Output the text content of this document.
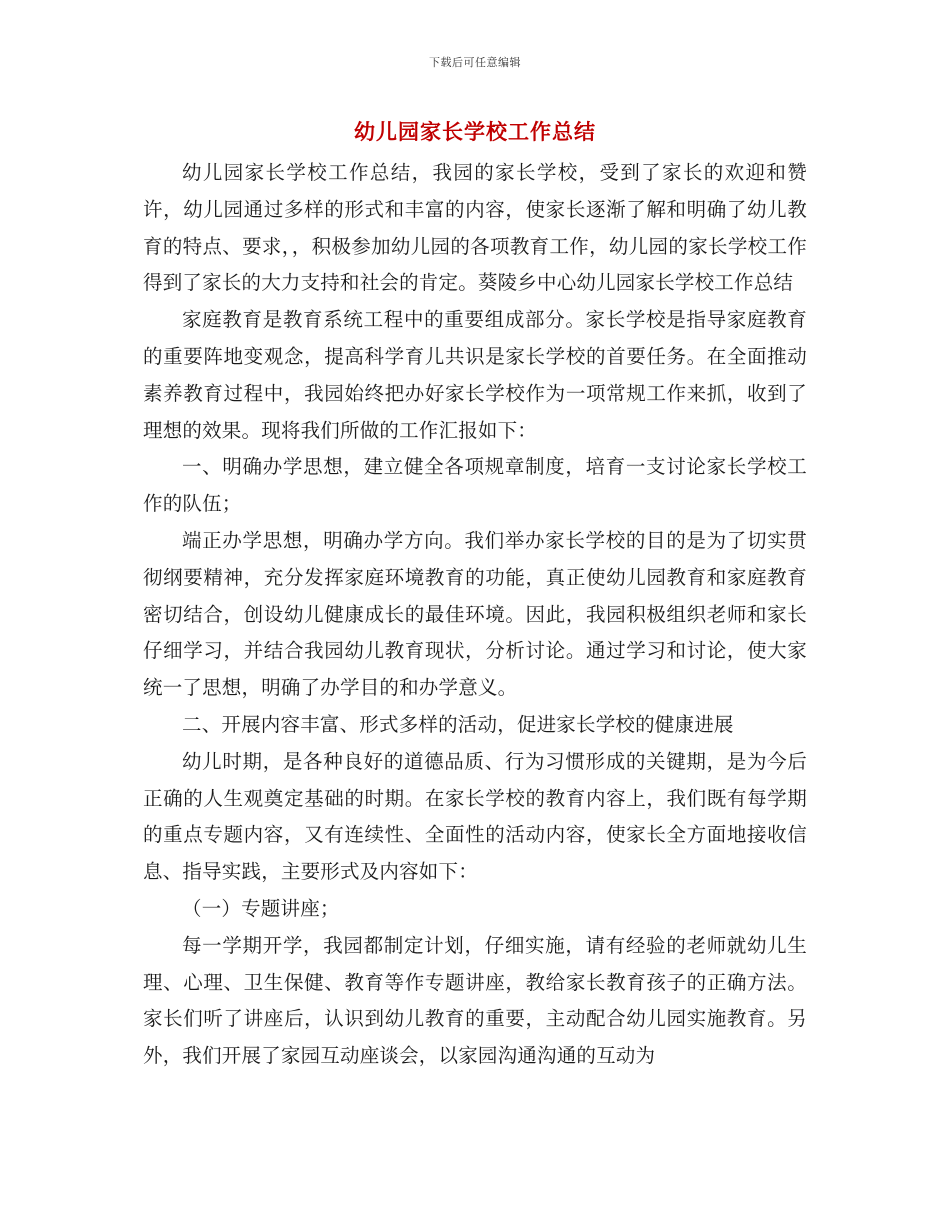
下载后可任意编辑
幼儿园家长学校工作总结

幼儿园家长学校工作总结，我园的家长学校，受到了家长的欢迎和赞许，幼儿园通过多样的形式和丰富的内容，使家长逐渐了解和明确了幼儿教育的特点、要求，，积极参加幼儿园的各项教育工作，幼儿园的家长学校工作得到了家长的大力支持和社会的肯定。葵陵乡中心幼儿园家长学校工作总结

家庭教育是教育系统工程中的重要组成部分。家长学校是指导家庭教育的重要阵地变观念，提高科学育儿共识是家长学校的首要任务。在全面推动素养教育过程中，我园始终把办好家长学校作为一项常规工作来抓，收到了理想的效果。现将我们所做的工作汇报如下：

一、明确办学思想，建立健全各项规章制度，培育一支讨论家长学校工作的队伍；

端正办学思想，明确办学方向。我们举办家长学校的目的是为了切实贯彻纲要精神，充分发挥家庭环境教育的功能，真正使幼儿园教育和家庭教育密切结合，创设幼儿健康成长的最佳环境。因此，我园积极组织老师和家长仔细学习，并结合我园幼儿教育现状，分析讨论。通过学习和讨论，使大家统一了思想，明确了办学目的和办学意义。

二、开展内容丰富、形式多样的活动，促进家长学校的健康进展

幼儿时期，是各种良好的道德品质、行为习惯形成的关键期，是为今后正确的人生观奠定基础的时期。在家长学校的教育内容上，我们既有每学期的重点专题内容，又有连续性、全面性的活动内容，使家长全方面地接收信息、指导实践，主要形式及内容如下：

（一）专题讲座；

每一学期开学，我园都制定计划，仔细实施，请有经验的老师就幼儿生理、心理、卫生保健、教育等作专题讲座，教给家长教育孩子的正确方法。家长们听了讲座后，认识到幼儿教育的重要，主动配合幼儿园实施教育。另外，我们开展了家园互动座谈会，以家园沟通沟通的互动为
